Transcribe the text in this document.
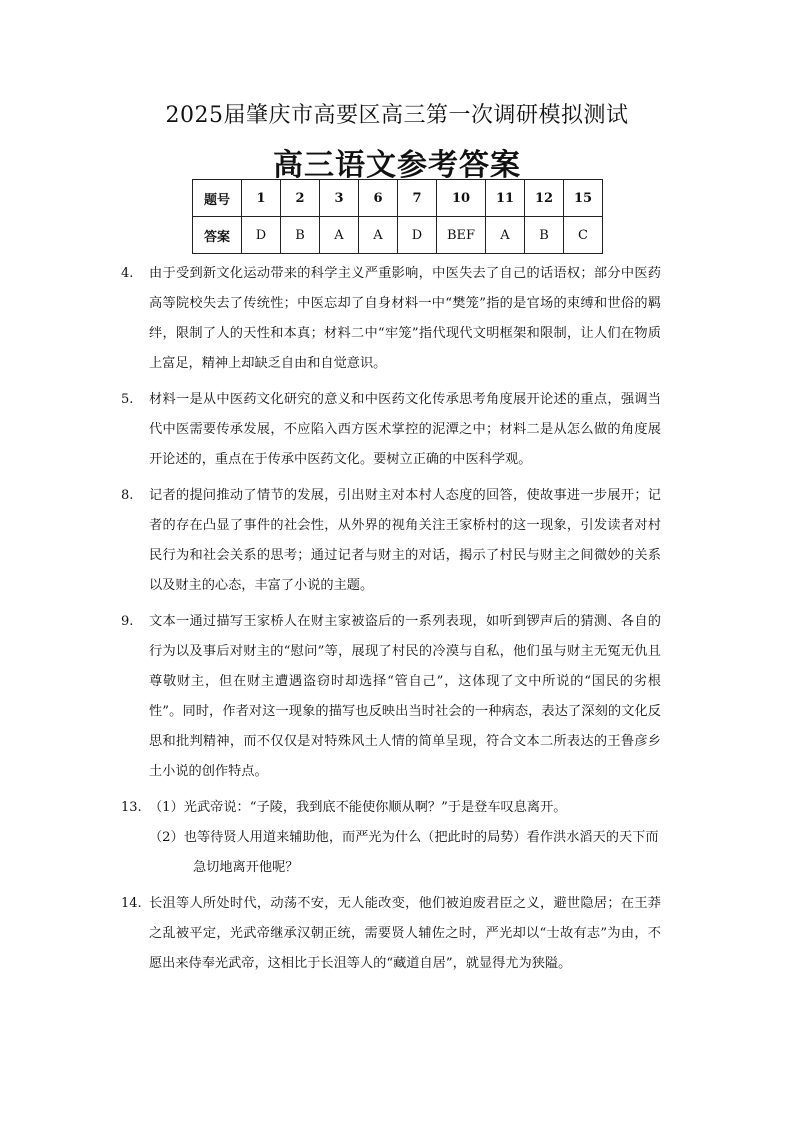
2025届肇庆市高要区高三第一次调研模拟测试
高三语文参考答案
题号	1	2	3	6	7	10	11	12	15
答案	D	B	A	A	D	BEF	A	B	C
4. 由于受到新文化运动带来的科学主义严重影响，中医失去了自己的话语权；部分中医药高等院校失去了传统性；中医忘却了自身材料一中“樊笼”指的是官场的束缚和世俗的羁绊，限制了人的天性和本真；材料二中“牢笼”指代现代文明框架和限制，让人们在物质上富足，精神上却缺乏自由和自觉意识。

5. 材料一是从中医药文化研究的意义和中医药文化传承思考角度展开论述的重点，强调当代中医需要传承发展，不应陷入西方医术掌控的泥潭之中；材料二是从怎么做的角度展开论述的，重点在于传承中医药文化。要树立正确的中医科学观。

8. 记者的提问推动了情节的发展，引出财主对本村人态度的回答，使故事进一步展开；记者的存在凸显了事件的社会性，从外界的视角关注王家桥村的这一现象，引发读者对村民行为和社会关系的思考；通过记者与财主的对话，揭示了村民与财主之间微妙的关系以及财主的心态，丰富了小说的主题。

9. 文本一通过描写王家桥人在财主家被盗后的一系列表现，如听到锣声后的猜测、各自的行为以及事后对财主的“慰问”等，展现了村民的冷漠与自私，他们虽与财主无冤无仇且尊敬财主，但在财主遭遇盗窃时却选择“管自己”，这体现了文中所说的“国民的劣根性”。同时，作者对这一现象的描写也反映出当时社会的一种病态，表达了深刻的文化反思和批判精神，而不仅仅是对特殊风土人情的简单呈现，符合文本二所表达的王鲁彦乡土小说的创作特点。

13. （1）光武帝说：“子陵，我到底不能使你顺从啊？”于是登车叹息离开。

（2）也等待贤人用道来辅助他，而严光为什么（把此时的局势）看作洪水滔天的天下而急切地离开他呢？

14. 长沮等人所处时代，动荡不安，无人能改变，他们被迫废君臣之义，避世隐居；在王莽之乱被平定，光武帝继承汉朝正统，需要贤人辅佐之时，严光却以“士故有志”为由，不愿出来侍奉光武帝，这相比于长沮等人的“藏道自居”，就显得尤为狭隘。
